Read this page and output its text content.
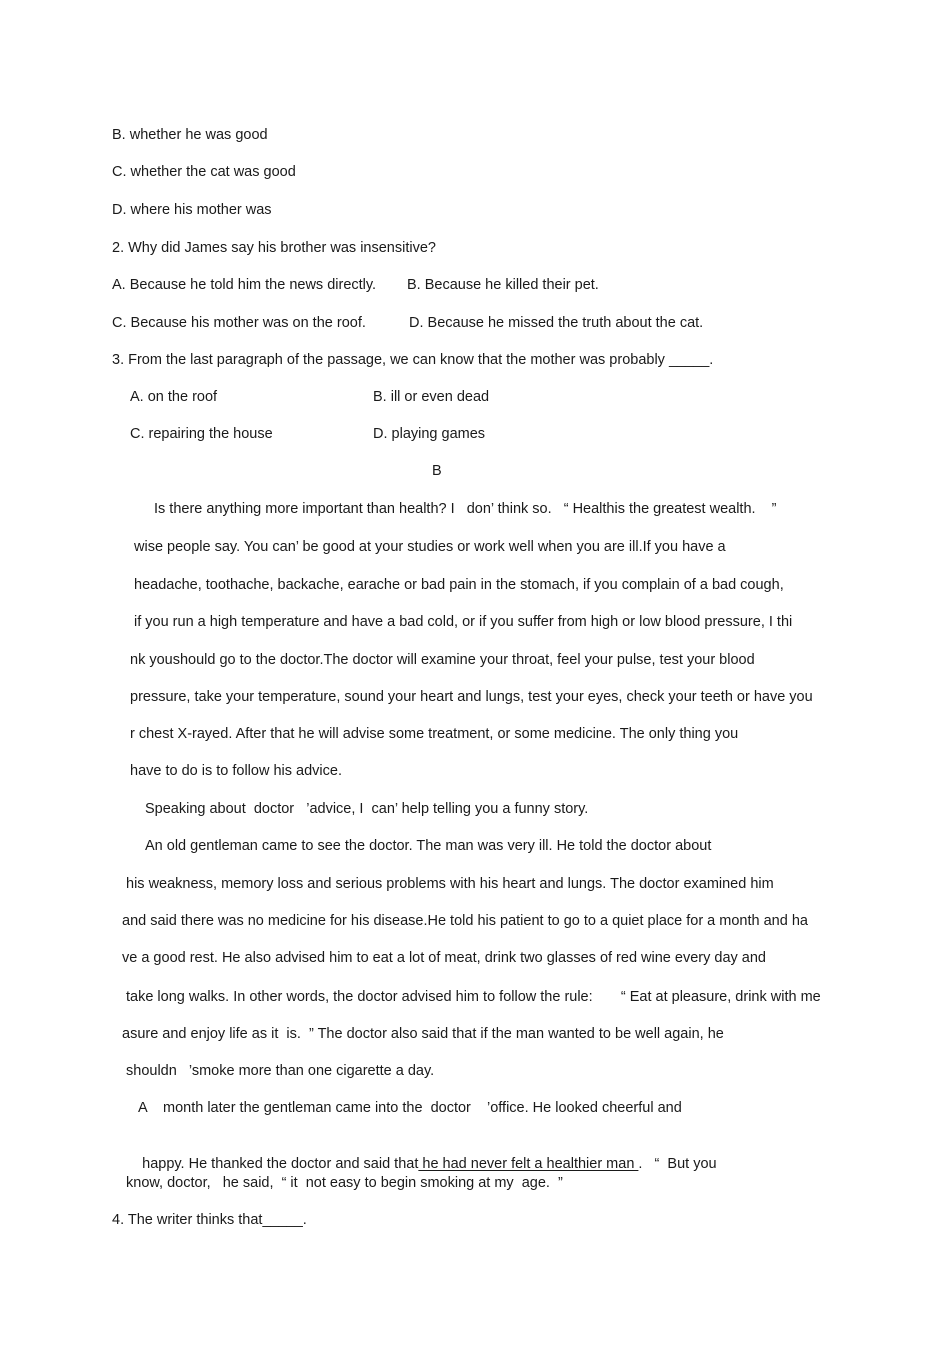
B. whether he was good
C. whether the cat was good
D. where his mother was
2. Why did James say his brother was insensitive?
A. Because he told him the news directly. B. Because he killed their pet.
C. Because his mother was on the roof.	D. Because he missed the truth about the cat.
3. From the last paragraph of the passage, we can know that the mother was probably _____.
A. on the roof	B. ill or even dead
C. repairing the house	D. playing games
B
Is there anything more important than health? I   don’ think so.   “ Healthis the greatest wealth.    ”
wise people say. You can’ be good at your studies or work well when you are ill.If you have a
headache, toothache, backache, earache or bad pain in the stomach, if you complain of a bad cough,
if you run a high temperature and have a bad cold, or if you suffer from high or low blood pressure, I thi
nk youshould go to the doctor.The doctor will examine your throat, feel your pulse, test your blood
pressure, take your temperature, sound your heart and lungs, test your eyes, check your teeth or have you
r chest X-rayed. After that he will advise some treatment, or some medicine. The only thing you
have to do is to follow his advice.
Speaking about  doctor   ’advice, I  can’ help telling you a funny story.
An old gentleman came to see the doctor. The man was very ill. He told the doctor about
his weakness, memory loss and serious problems with his heart and lungs. The doctor examined him
and said there was no medicine for his disease.He told his patient to go to a quiet place for a month and ha
ve a good rest. He also advised him to eat a lot of meat, drink two glasses of red wine every day and
take long walks. In other words, the doctor advised him to follow the rule:       “ Eat at pleasure, drink with me
asure and enjoy life as it  is.  ” The doctor also said that if the man wanted to be well again, he
shouldn   ’smoke more than one cigarette a day.
A    month later the gentleman came into the  doctor    ’office. He looked cheerful and

happy. He thanked the doctor and said that he had never felt a healthier man .   “  But you

know, doctor,   he said,  “ it  not easy to begin smoking at my  age.  ”
4. The writer thinks that_____.
